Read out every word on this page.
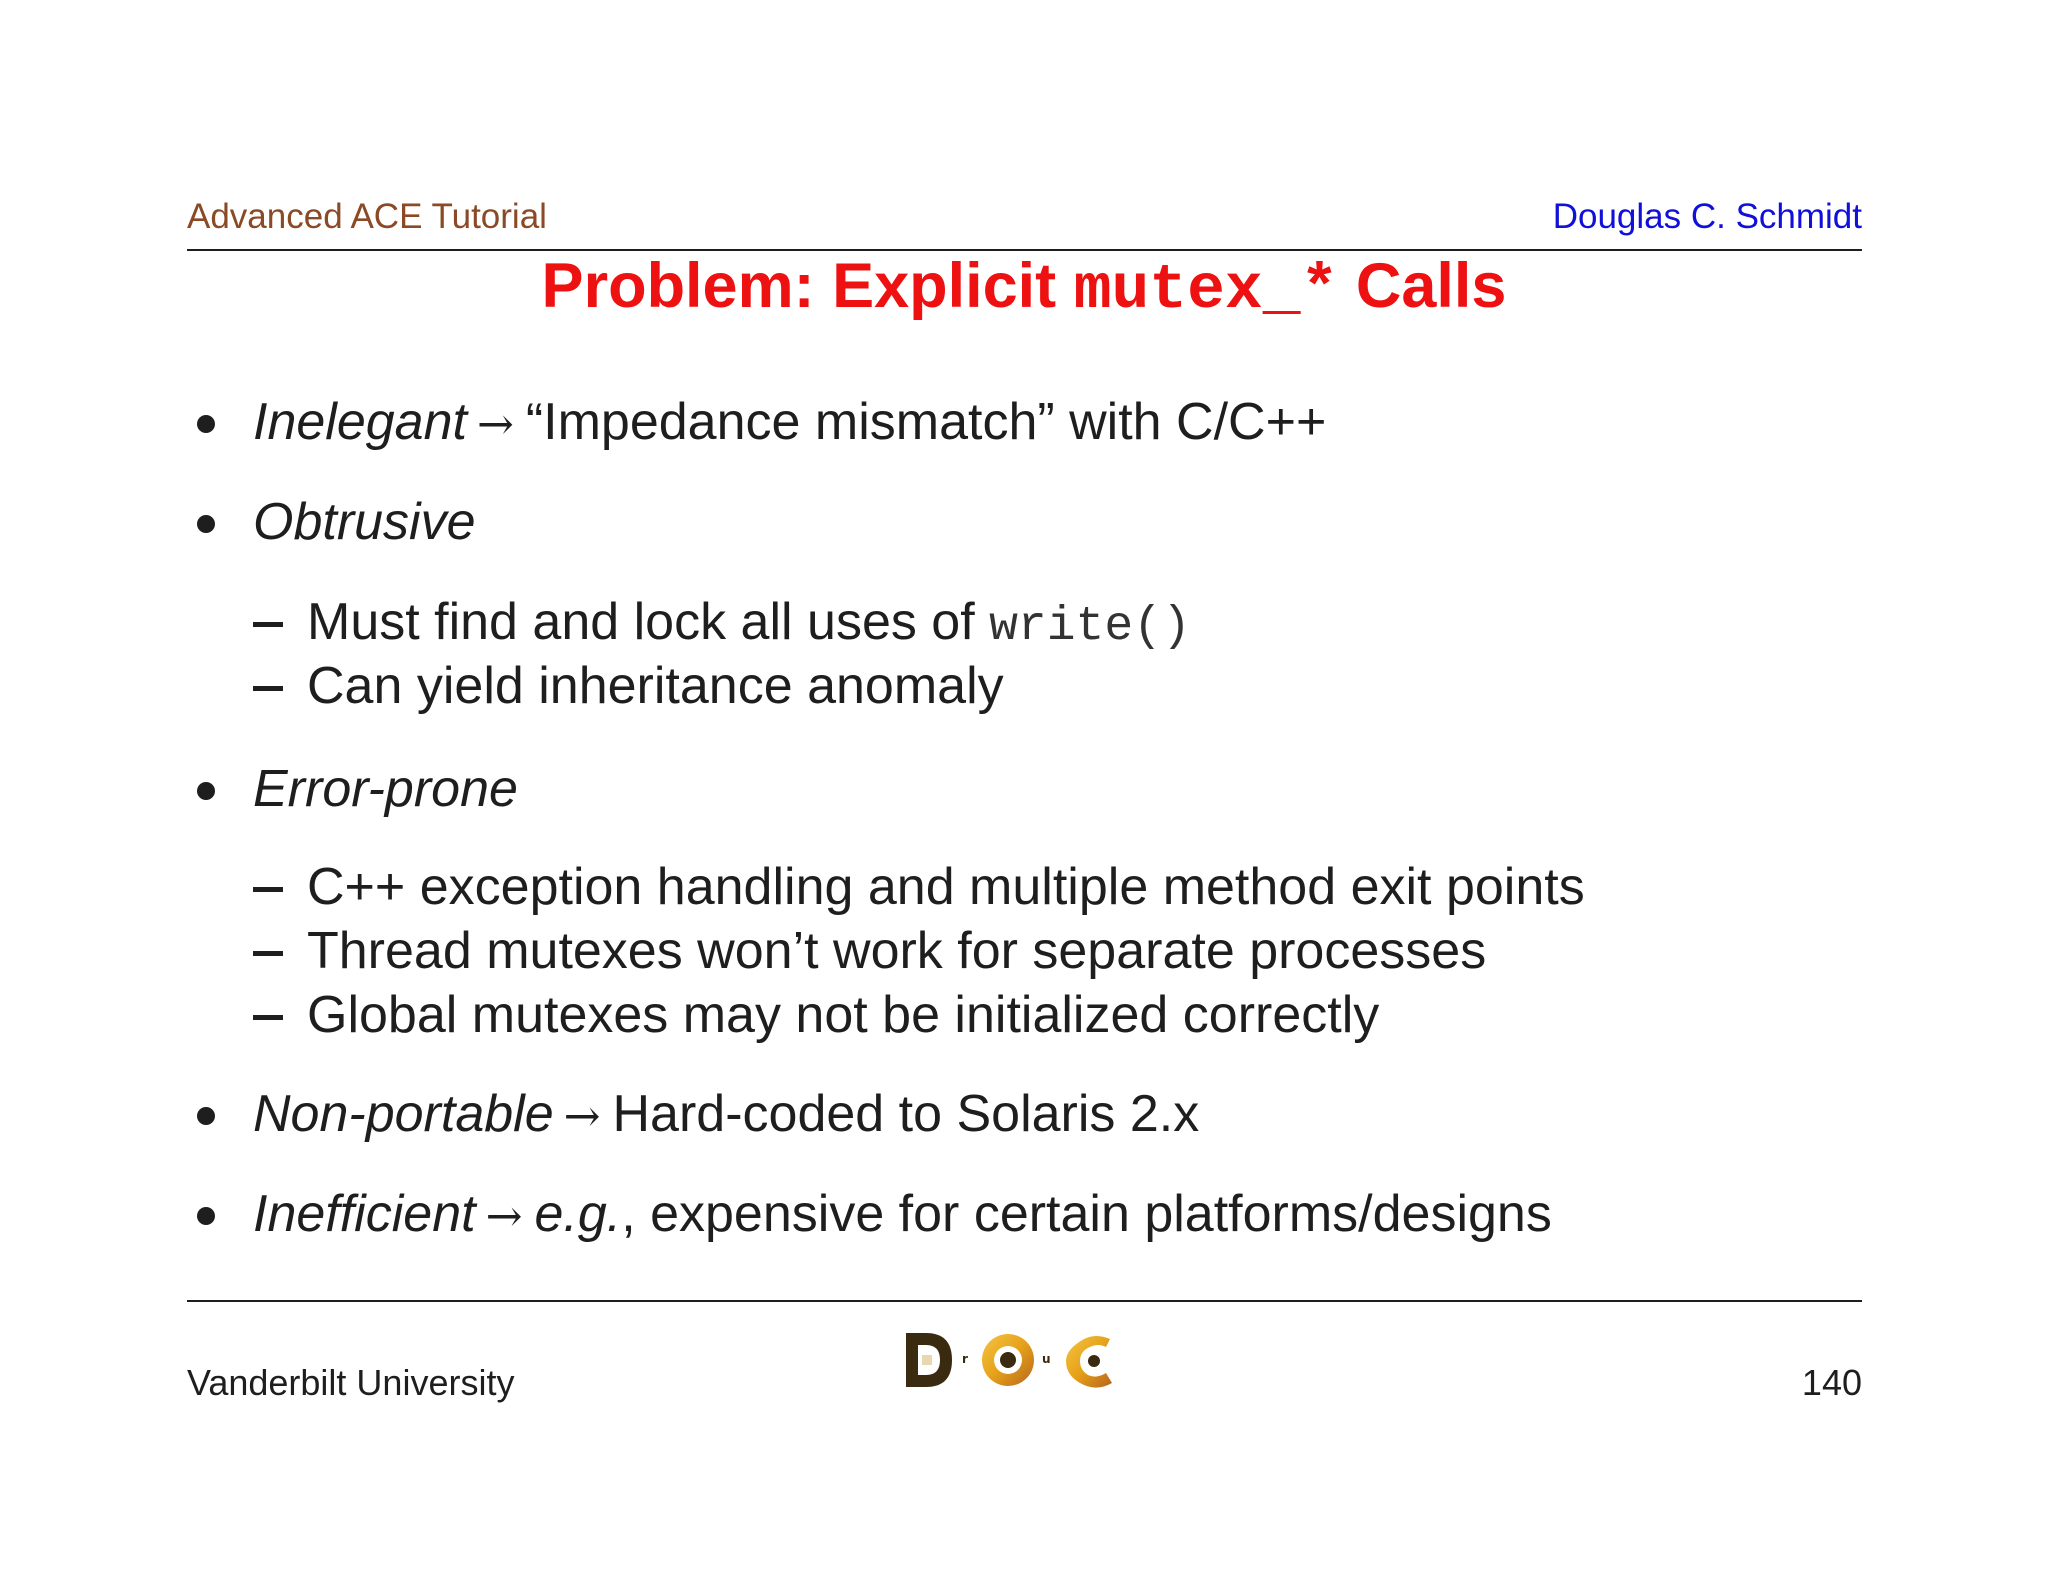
Advanced ACE Tutorial	Douglas C. Schmidt
Problem: Explicit mutex_* Calls
Inelegant → “Impedance mismatch” with C/C++
Obtrusive
Must find and lock all uses of write()
Can yield inheritance anomaly
Error-prone
C++ exception handling and multiple method exit points
Thread mutexes won’t work for separate processes
Global mutexes may not be initialized correctly
Non-portable → Hard-coded to Solaris 2.x
Inefficient → e.g., expensive for certain platforms/designs
Vanderbilt University
r	u
140
